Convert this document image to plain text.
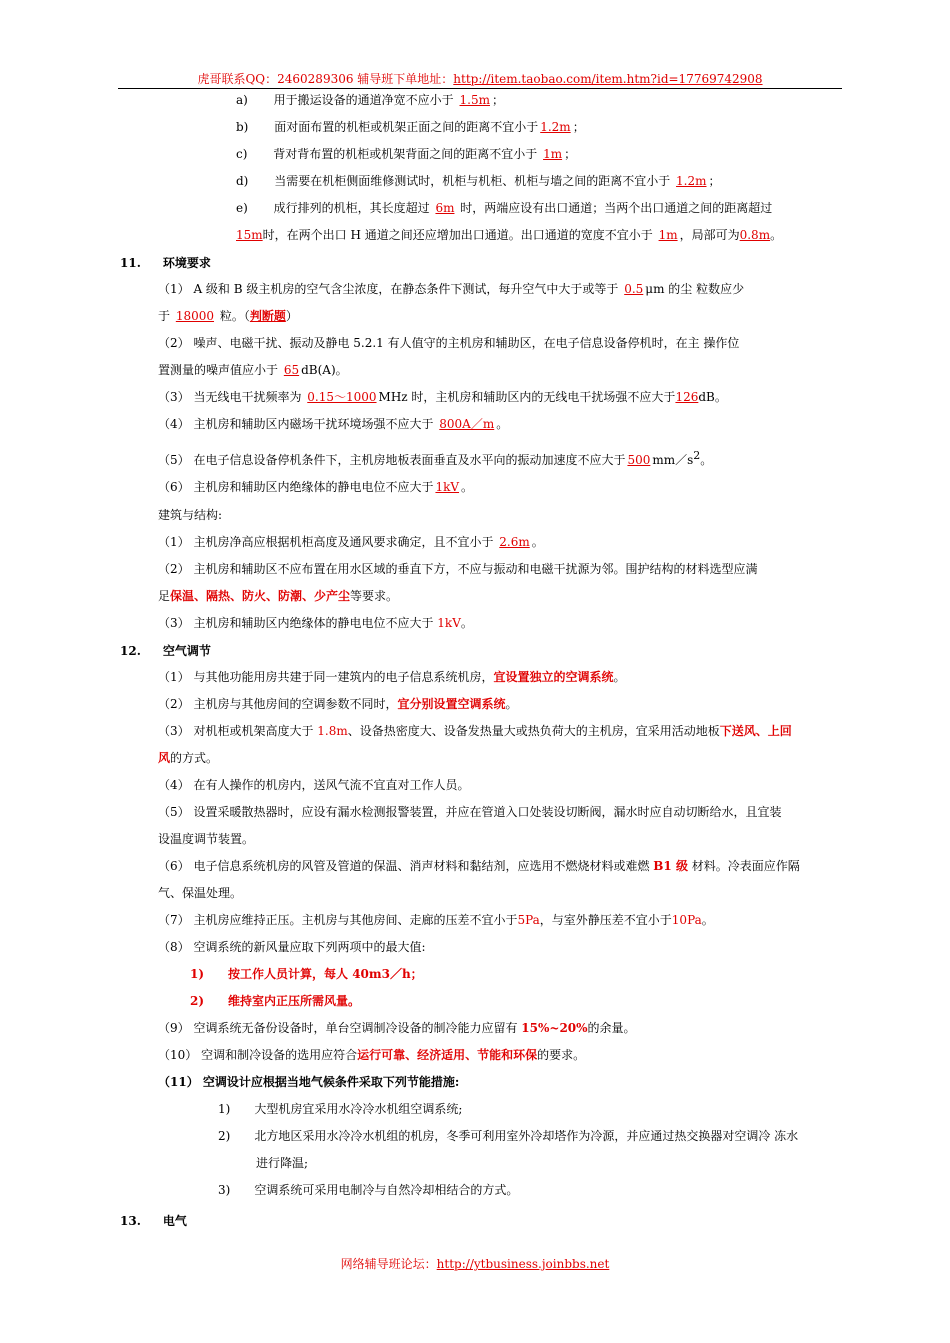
虎哥联系QQ：2460289306 辅导班下单地址：http://item.taobao.com/item.htm?id=17769742908
a) 用于搬运设备的通道净宽不应小于 1.5m ；
b) 面对面布置的机柜或机架正面之间的距离不宜小于 1.2m ；
c) 背对背布置的机柜或机架背面之间的距离不宜小于 1m ；
d) 当需要在机柜侧面维修测试时，机柜与机柜、机柜与墙之间的距离不宜小于 1.2m ；
e) 成行排列的机柜，其长度超过 6m 时，两端应设有出口通道；当两个出口通道之间的距离超过
15m时，在两个出口 H 通道之间还应增加出口通道。出口通道的宽度不宜小于 1m ，局部可为0.8m。
11. 环境要求
（1） A 级和 B 级主机房的空气含尘浓度，在静态条件下测试，每升空气中大于或等于 0.5 μm 的尘 粒数应少
于 18000 粒。（判断题）
（2） 噪声、电磁干扰、振动及静电 5.2.1 有人值守的主机房和辅助区，在电子信息设备停机时，在主 操作位
置测量的噪声值应小于 65 dB(A)。
（3） 当无线电干扰频率为 0.15～1000 MHz 时，主机房和辅助区内的无线电干扰场强不应大于126dB。
（4） 主机房和辅助区内磁场干扰环境场强不应大于 800A／m 。
（5） 在电子信息设备停机条件下，主机房地板表面垂直及水平向的振动加速度不应大于 500 $mm/s^2$。
（6） 主机房和辅助区内绝缘体的静电电位不应大于 1kV 。
建筑与结构:
（1） 主机房净高应根据机柜高度及通风要求确定，且不宜小于 2.6m 。
（2） 主机房和辅助区不应布置在用水区域的垂直下方，不应与振动和电磁干扰源为邻。围护结构的材料选型应满
足保温、隔热、防火、防潮、少产尘等要求。
（3） 主机房和辅助区内绝缘体的静电电位不应大于 1kV。
12. 空气调节
（1） 与其他功能用房共建于同一建筑内的电子信息系统机房，宜设置独立的空调系统。
（2） 主机房与其他房间的空调参数不同时，宜分别设置空调系统。
（3） 对机柜或机架高度大于 1.8m、设备热密度大、设备发热量大或热负荷大的主机房，宜采用活动地板下送风、上回
风的方式。
（4） 在有人操作的机房内，送风气流不宜直对工作人员。
（5） 设置采暖散热器时，应设有漏水检测报警装置，并应在管道入口处装设切断阀，漏水时应自动切断给水，且宜装
设温度调节装置。
（6） 电子信息系统机房的风管及管道的保温、消声材料和黏结剂，应选用不燃烧材料或难燃 B1 级 材料。冷表面应作隔
气、保温处理。
（7） 主机房应维持正压。主机房与其他房间、走廊的压差不宜小于5Pa，与室外静压差不宜小于10Pa。
（8） 空调系统的新风量应取下列两项中的最大值:
1) 按工作人员计算，每人 40m3／h；
2) 维持室内正压所需风量。
（9） 空调系统无备份设备时，单台空调制冷设备的制冷能力应留有 15%~20%的余量。
（10） 空调和制冷设备的选用应符合运行可靠、经济适用、节能和环保的要求。
（11） 空调设计应根据当地气候条件采取下列节能措施:
1) 大型机房宜采用水冷冷水机组空调系统;
2) 北方地区采用水冷冷水机组的机房，冬季可利用室外冷却塔作为冷源，并应通过热交换器对空调冷 冻水
进行降温;
3) 空调系统可采用电制冷与自然冷却相结合的方式。
13. 电气
网络辅导班论坛：http://ytbusiness.joinbbs.net
